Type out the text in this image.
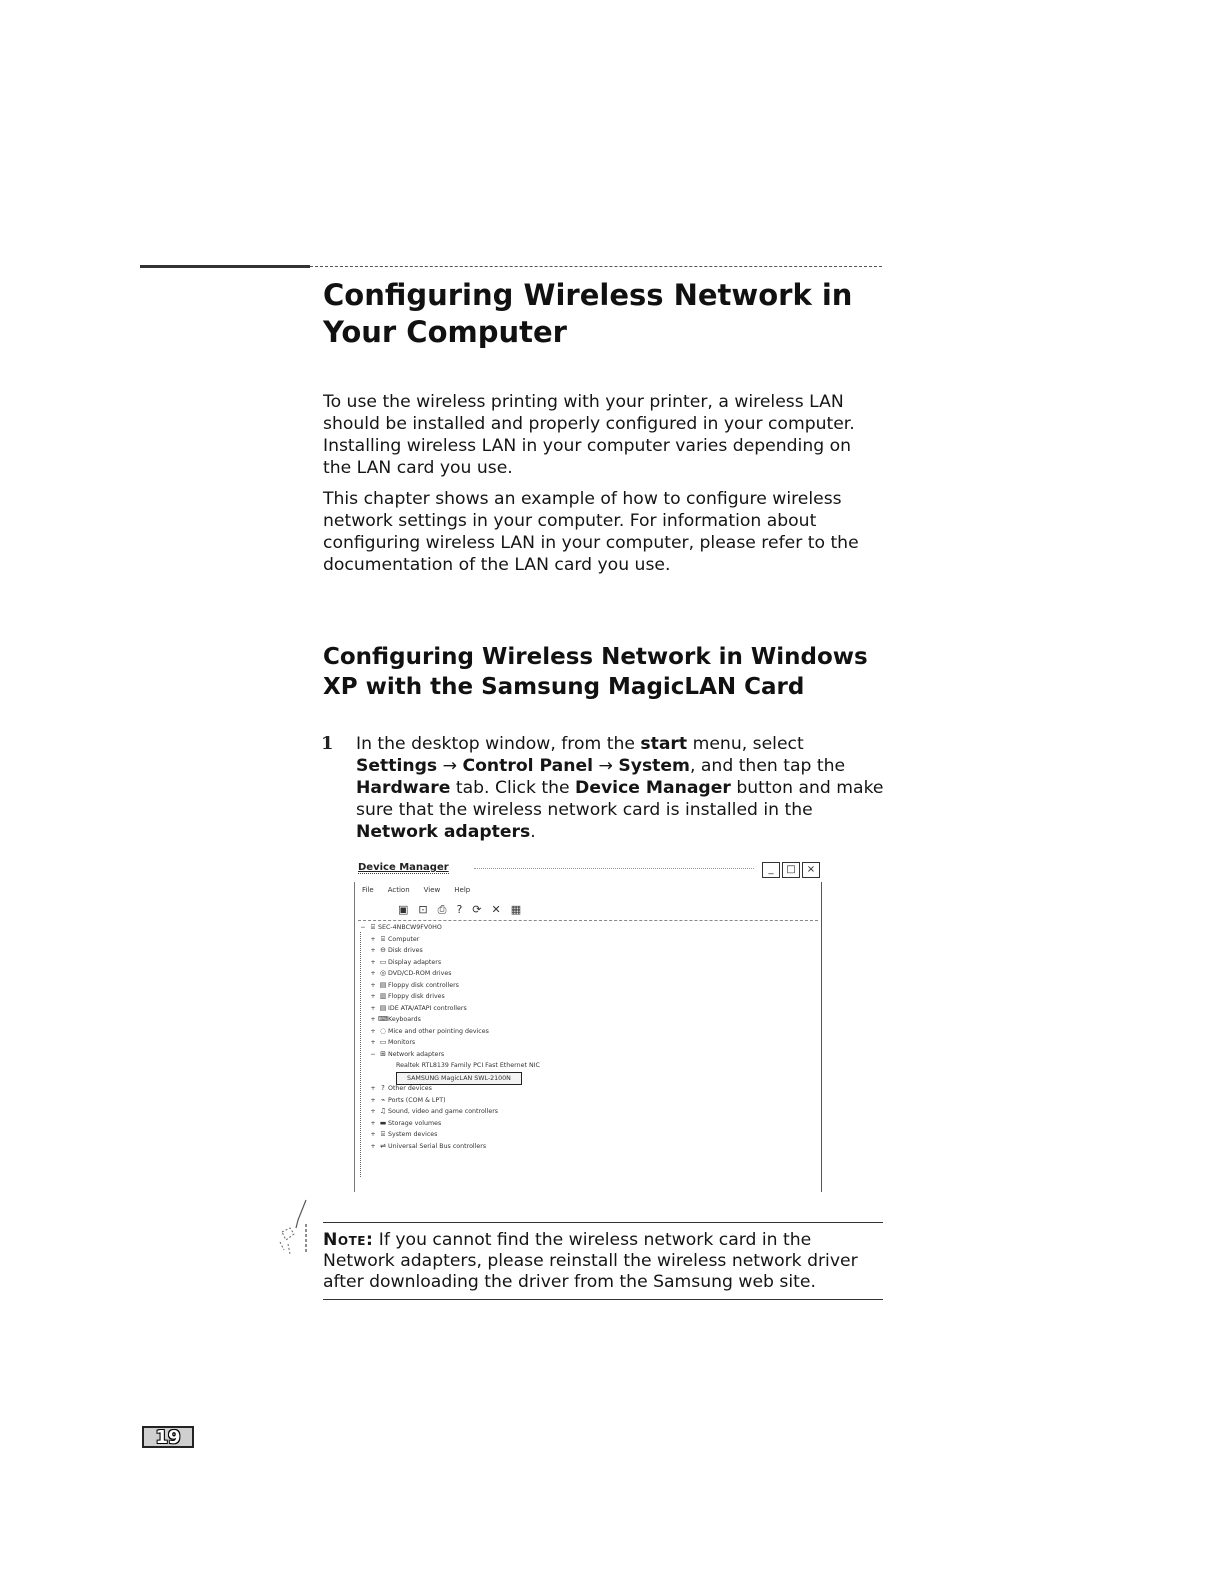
Configuring Wireless Network in Your Computer

To use the wireless printing with your printer, a wireless LAN should be installed and properly configured in your computer. Installing wireless LAN in your computer varies depending on the LAN card you use.

This chapter shows an example of how to configure wireless network settings in your computer. For information about configuring wireless LAN in your computer, please refer to the documentation of the LAN card you use.

Configuring Wireless Network in Windows XP with the Samsung MagicLAN Card
1 In the desktop window, from the start menu, select Settings → Control Panel → System, and then tap the Hardware tab. Click the Device Manager button and make sure that the wireless network card is installed in the Network adapters.

Device Manager	_	□	×
File Action View Help
▣ ⊡ ⎙ ? ⟳ ✕ ▦
− ⌸ SEC-4NBCW9FV0HO
+ ⌸ Computer
+ ⊖ Disk drives
+ ▭ Display adapters
+ ◎ DVD/CD-ROM drives
+ ▤ Floppy disk controllers
+ ▥ Floppy disk drives
+ ▤ IDE ATA/ATAPI controllers
+ ⌨Keyboards
+ ◌ Mice and other pointing devices
+ ▭ Monitors
− ⊞ Network adapters
Realtek RTL8139 Family PCI Fast Ethernet NIC
SAMSUNG MagicLAN SWL-2100N
+ ? Other devices
+ ⌁ Ports (COM & LPT)
+ ♫ Sound, video and game controllers
+ ▬ Storage volumes
+ ⌸ System devices
+ ⇌ Universal Serial Bus controllers

Note: If you cannot find the wireless network card in the Network adapters, please reinstall the wireless network driver after downloading the driver from the Samsung web site.

19
